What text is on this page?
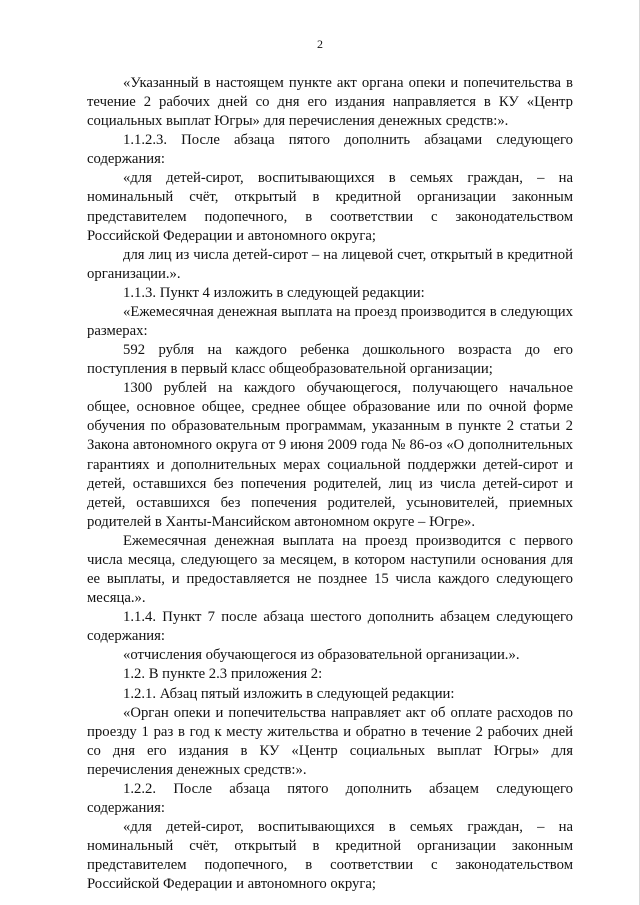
2

«Указанный в настоящем пункте акт органа опеки и попечительства в течение 2 рабочих дней со дня его издания направляется в КУ «Центр социальных выплат Югры» для перечисления денежных средств:».

1.1.2.3. После абзаца пятого дополнить абзацами следующего содержания:

«для детей-сирот, воспитывающихся в семьях граждан, – на номинальный счёт, открытый в кредитной организации законным представителем подопечного, в соответствии с законодательством Российской Федерации и автономного округа;

для лиц из числа детей-сирот – на лицевой счет, открытый в кредитной организации.».

1.1.3. Пункт 4 изложить в следующей редакции:

«Ежемесячная денежная выплата на проезд производится в следующих размерах:

592 рубля на каждого ребенка дошкольного возраста до его поступления в первый класс общеобразовательной организации;

1300 рублей на каждого обучающегося, получающего начальное общее, основное общее, среднее общее образование или по очной форме обучения по образовательным программам, указанным в пункте 2 статьи 2 Закона автономного округа от 9 июня 2009 года № 86-оз «О дополнительных гарантиях и дополнительных мерах социальной поддержки детей-сирот и детей, оставшихся без попечения родителей, лиц из числа детей-сирот и детей, оставшихся без попечения родителей, усыновителей, приемных родителей в Ханты-Мансийском автономном округе – Югре».

Ежемесячная денежная выплата на проезд производится с первого числа месяца, следующего за месяцем, в котором наступили основания для ее выплаты, и предоставляется не позднее 15 числа каждого следующего месяца.».

1.1.4. Пункт 7 после абзаца шестого дополнить абзацем следующего содержания:

«отчисления обучающегося из образовательной организации.».

1.2. В пункте 2.3 приложения 2:

1.2.1. Абзац пятый изложить в следующей редакции:

«Орган опеки и попечительства направляет акт об оплате расходов по проезду 1 раз в год к месту жительства и обратно в течение 2 рабочих дней со дня его издания в КУ «Центр социальных выплат Югры» для перечисления денежных средств:».

1.2.2. После абзаца пятого дополнить абзацем следующего содержания:

«для детей-сирот, воспитывающихся в семьях граждан, – на номинальный счёт, открытый в кредитной организации законным представителем подопечного, в соответствии с законодательством Российской Федерации и автономного округа;
